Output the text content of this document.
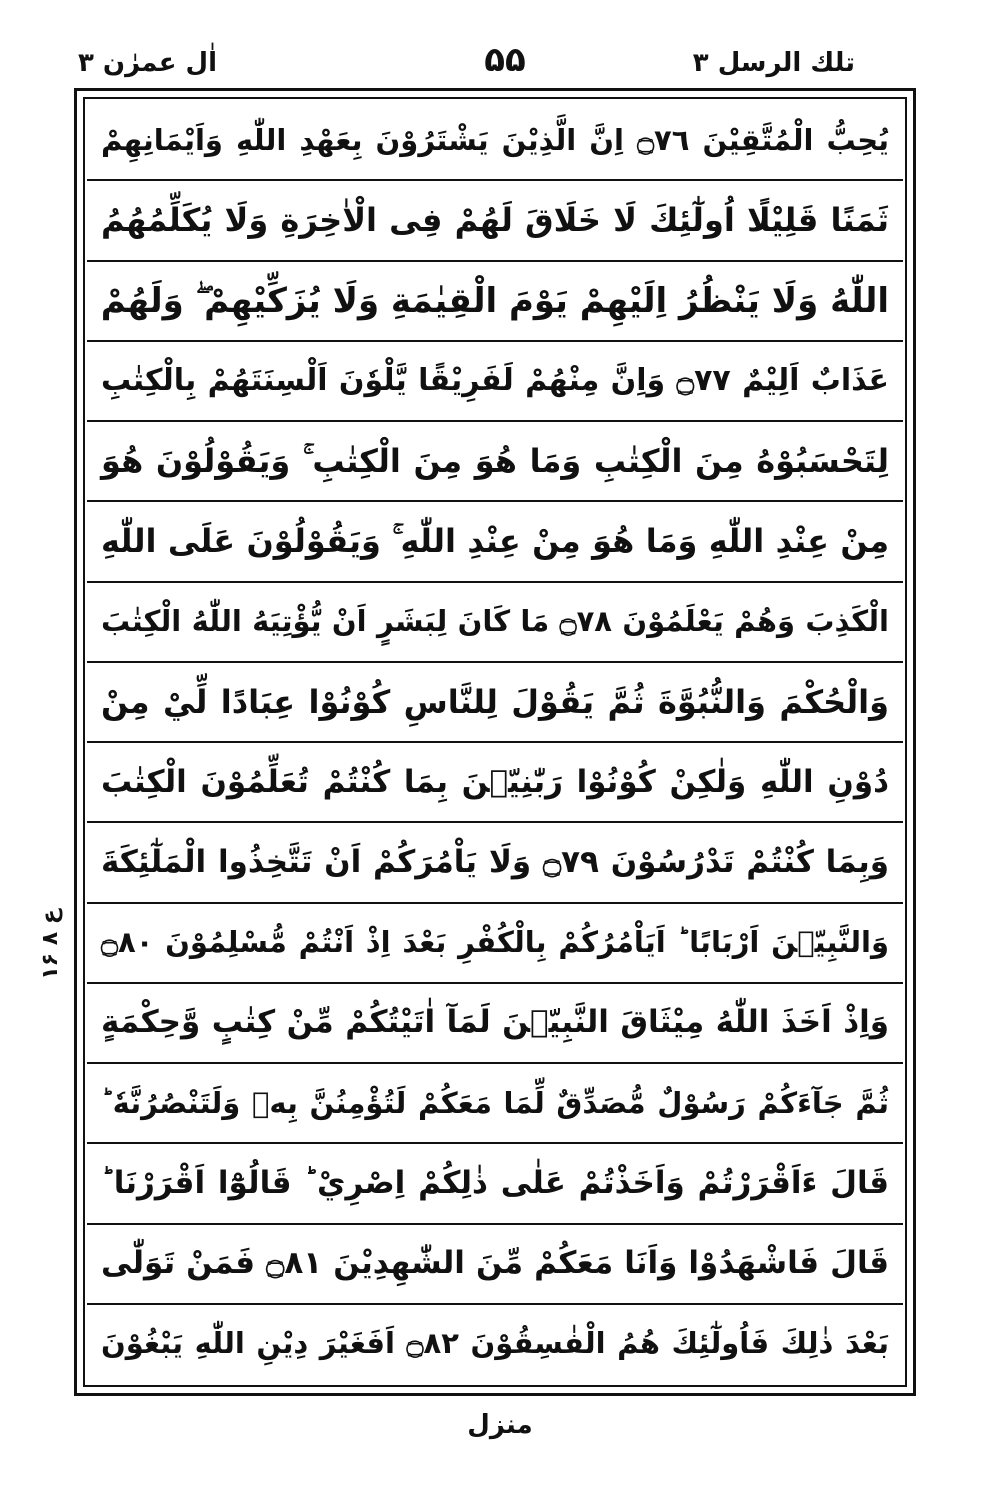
تلك الرسل ٣
۵۵
اٰل عمرٰن ٣
يُحِبُّ الْمُتَّقِيْنَ ۝٧٦ اِنَّ الَّذِيْنَ يَشْتَرُوْنَ بِعَهْدِ اللّٰهِ وَاَيْمَانِهِمْ
ثَمَنًا قَلِيْلًا اُولٰٓئِكَ لَا خَلَاقَ لَهُمْ فِى الْاٰخِرَةِ وَلَا يُكَلِّمُهُمُ
اللّٰهُ وَلَا يَنْظُرُ اِلَيْهِمْ يَوْمَ الْقِيٰمَةِ وَلَا يُزَكِّيْهِمْ ۖ وَلَهُمْ
عَذَابٌ اَلِيْمٌ ۝٧٧ وَاِنَّ مِنْهُمْ لَفَرِيْقًا يَّلْوٗنَ اَلْسِنَتَهُمْ بِالْكِتٰبِ
لِتَحْسَبُوْهُ مِنَ الْكِتٰبِ وَمَا هُوَ مِنَ الْكِتٰبِ ۚ وَيَقُوْلُوْنَ هُوَ
مِنْ عِنْدِ اللّٰهِ وَمَا هُوَ مِنْ عِنْدِ اللّٰهِ ۚ وَيَقُوْلُوْنَ عَلَى اللّٰهِ
الْكَذِبَ وَهُمْ يَعْلَمُوْنَ ۝٧٨ مَا كَانَ لِبَشَرٍ اَنْ يُّؤْتِيَهُ اللّٰهُ الْكِتٰبَ
وَالْحُكْمَ وَالنُّبُوَّةَ ثُمَّ يَقُوْلَ لِلنَّاسِ كُوْنُوْا عِبَادًا لِّيْ مِنْ
دُوْنِ اللّٰهِ وَلٰكِنْ كُوْنُوْا رَبّٰنِيّٖنَ بِمَا كُنْتُمْ تُعَلِّمُوْنَ الْكِتٰبَ
وَبِمَا كُنْتُمْ تَدْرُسُوْنَ ۝٧٩ وَلَا يَاْمُرَكُمْ اَنْ تَتَّخِذُوا الْمَلٰٓئِكَةَ
وَالنَّبِيّٖنَ اَرْبَابًا ؕ اَيَاْمُرُكُمْ بِالْكُفْرِ بَعْدَ اِذْ اَنْتُمْ مُّسْلِمُوْنَ ۝٨٠
وَاِذْ اَخَذَ اللّٰهُ مِيْثَاقَ النَّبِيّٖنَ لَمَآ اٰتَيْتُكُمْ مِّنْ كِتٰبٍ وَّحِكْمَةٍ
ثُمَّ جَآءَكُمْ رَسُوْلٌ مُّصَدِّقٌ لِّمَا مَعَكُمْ لَتُؤْمِنُنَّ بِهٖ وَلَتَنْصُرُنَّهٗ ؕ
قَالَ ءَاَقْرَرْتُمْ وَاَخَذْتُمْ عَلٰى ذٰلِكُمْ اِصْرِيْ ؕ قَالُوْٓا اَقْرَرْنَا ؕ
قَالَ فَاشْهَدُوْا وَاَنَا مَعَكُمْ مِّنَ الشّٰهِدِيْنَ ۝٨١ فَمَنْ تَوَلّٰى
بَعْدَ ذٰلِكَ فَاُولٰٓئِكَ هُمُ الْفٰسِقُوْنَ ۝٨٢ اَفَغَيْرَ دِيْنِ اللّٰهِ يَبْغُوْنَ
ع ۸ ۱۶
منزل
